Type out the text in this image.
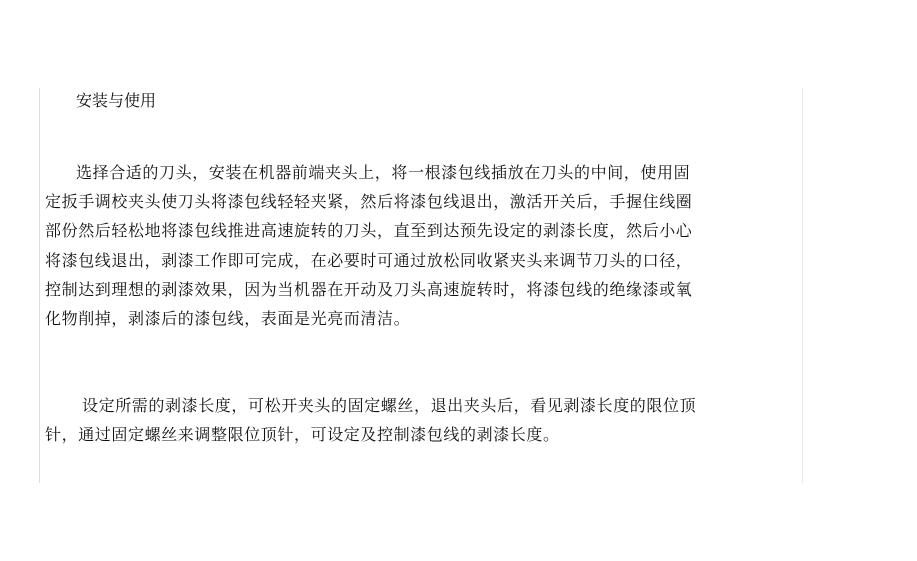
安装与使用

选择合适的刀头，安装在机器前端夹头上，将一根漆包线插放在刀头的中间，使用固
定扳手调校夹头使刀头将漆包线轻轻夹紧，然后将漆包线退出，激活开关后，手握住线圈
部份然后轻松地将漆包线推进高速旋转的刀头，直至到达预先设定的剥漆长度，然后小心
将漆包线退出，剥漆工作即可完成，在必要时可通过放松同收紧夹头来调节刀头的口径，
控制达到理想的剥漆效果，因为当机器在开动及刀头高速旋转时，将漆包线的绝缘漆或氧
化物削掉，剥漆后的漆包线，表面是光亮而清洁。

设定所需的剥漆长度，可松开夹头的固定螺丝，退出夹头后，看见剥漆长度的限位顶
针，通过固定螺丝来调整限位顶针，可设定及控制漆包线的剥漆长度。
